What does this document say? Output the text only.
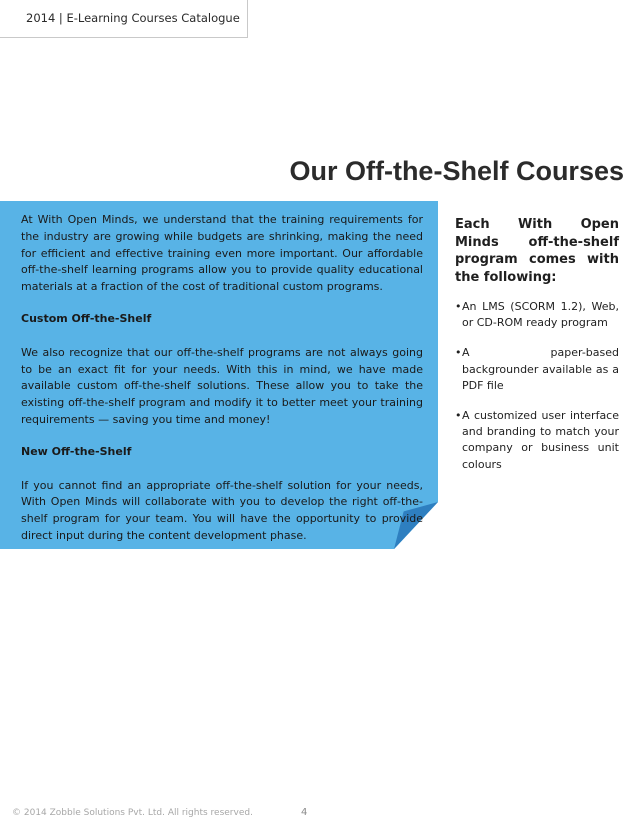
2014 | E-Learning Courses Catalogue
Our Off-the-Shelf Courses

At With Open Minds, we understand that the training requirements for the industry are growing while budgets are shrinking, making the need for efficient and effective training even more important. Our affordable off-the-shelf learning programs allow you to provide quality educational materials at a fraction of the cost of traditional custom programs.

Custom Off-the-Shelf

We also recognize that our off-the-shelf programs are not always going to be an exact fit for your needs. With this in mind, we have made available custom off-the-shelf solutions. These allow you to take the existing off-the-shelf program and modify it to better meet your training requirements — saving you time and money!

New Off-the-Shelf

If you cannot find an appropriate off-the-shelf solution for your needs, With Open Minds will collaborate with you to develop the right off-the-shelf program for your team. You will have the opportunity to provide direct input during the content development phase.

Each With Open Minds off-the-shelf program comes with the following:
• An LMS (SCORM 1.2), Web, or CD-ROM ready program
• A paper-based backgrounder available as a PDF file
• A customized user interface and branding to match your company or business unit colours
© 2014 Zobble Solutions Pvt. Ltd. All rights reserved.	4
